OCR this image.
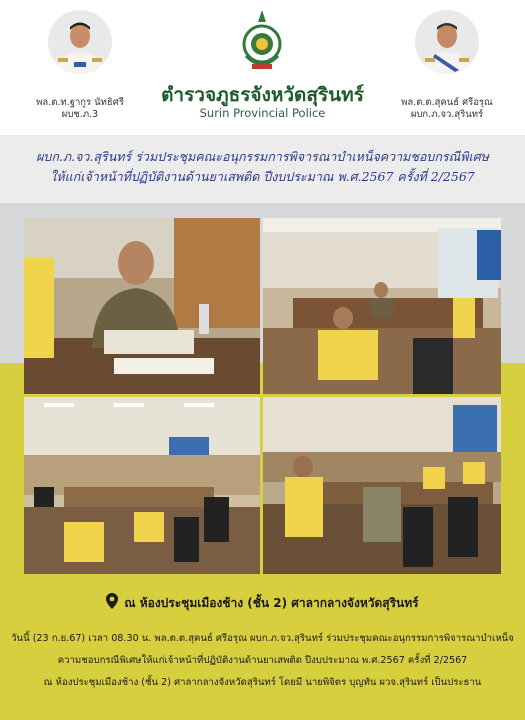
พล.ต.ท.ฐากูร นัทธิศรี
ผบช.ภ.3
ตำรวจภูธรจังหวัดสุรินทร์
Surin Provincial Police
พล.ต.ต.สุคนธ์ ศรีอรุณ
ผบก.ภ.จว.สุรินทร์
ผบก.ภ.จว.สุรินทร์ ร่วมประชุมคณะอนุกรรมการพิจารณาบำเหน็จความชอบกรณีพิเศษ
ให้แก่เจ้าหน้าที่ปฏิบัติงานด้านยาเสพติด ปีงบประมาณ พ.ศ.2567 ครั้งที่ 2/2567
ณ ห้องประชุมเมืองช้าง (ชั้น 2) ศาลากลางจังหวัดสุรินทร์
วันนี้ (23 ก.ย.67) เวลา 08.30 น. พล.ต.ต.สุคนธ์ ศรีอรุณ ผบก.ภ.จว.สุรินทร์ ร่วมประชุมคณะอนุกรรมการพิจารณาบำเหน็จ
ความชอบกรณีพิเศษให้แก่เจ้าหน้าที่ปฏิบัติงานด้านยาเสพติด ปีงบประมาณ พ.ศ.2567 ครั้งที่ 2/2567
ณ ห้องประชุมเมืองช้าง (ชั้น 2) ศาลากลางจังหวัดสุรินทร์ โดยมี นายพิจิตร บุญทัน ผวจ.สุรินทร์ เป็นประธาน
